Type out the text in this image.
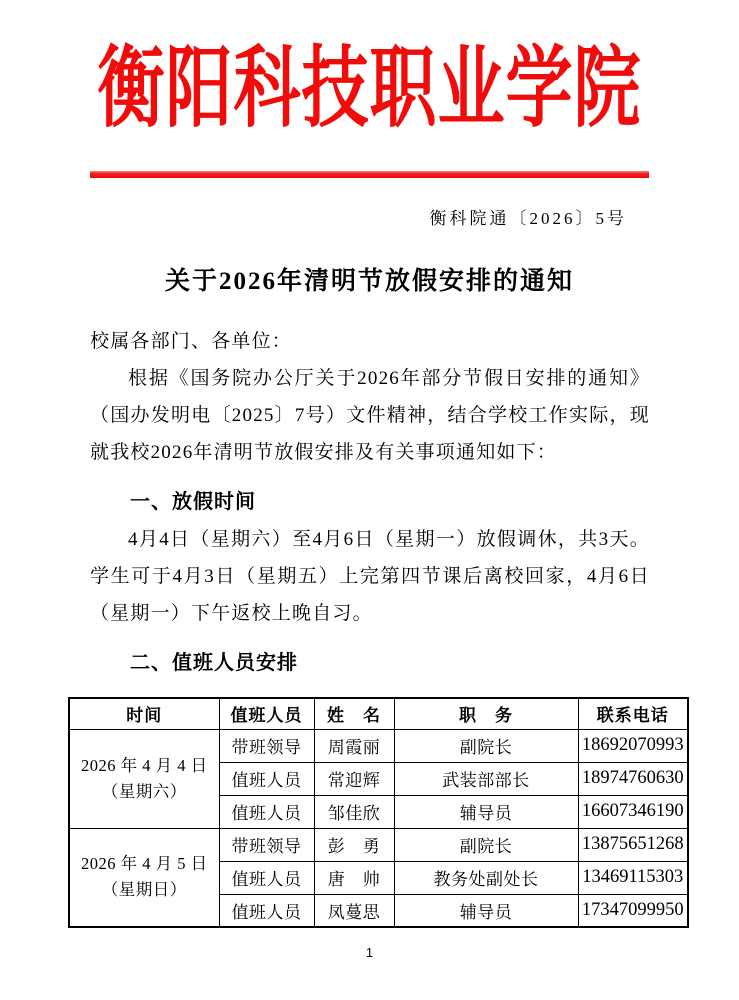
衡阳科技职业学院
衡科院通〔2026〕5号
关于2026年清明节放假安排的通知

校属各部门、各单位：

根据《国务院办公厅关于2026年部分节假日安排的通知》（国办发明电〔2025〕7号）文件精神，结合学校工作实际，现就我校2026年清明节放假安排及有关事项通知如下：

一、放假时间

4月4日（星期六）至4月6日（星期一）放假调休，共3天。学生可于4月3日（星期五）上完第四节课后离校回家，4月6日（星期一）下午返校上晚自习。

二、值班人员安排
时间	值班人员	姓　名	职　务	联系电话

2026 年 4 月 4 日
（星期六）	带班领导	周霞丽	副院长	18692070993
	值班人员	常迎辉	武装部部长	18974760630
	值班人员	邹佳欣	辅导员	16607346190

2026 年 4 月 5 日
（星期日）	带班领导	彭　勇	副院长	13875651268
	值班人员	唐　帅	教务处副处长	13469115303
	值班人员	凤蔓思	辅导员	17347099950
1
